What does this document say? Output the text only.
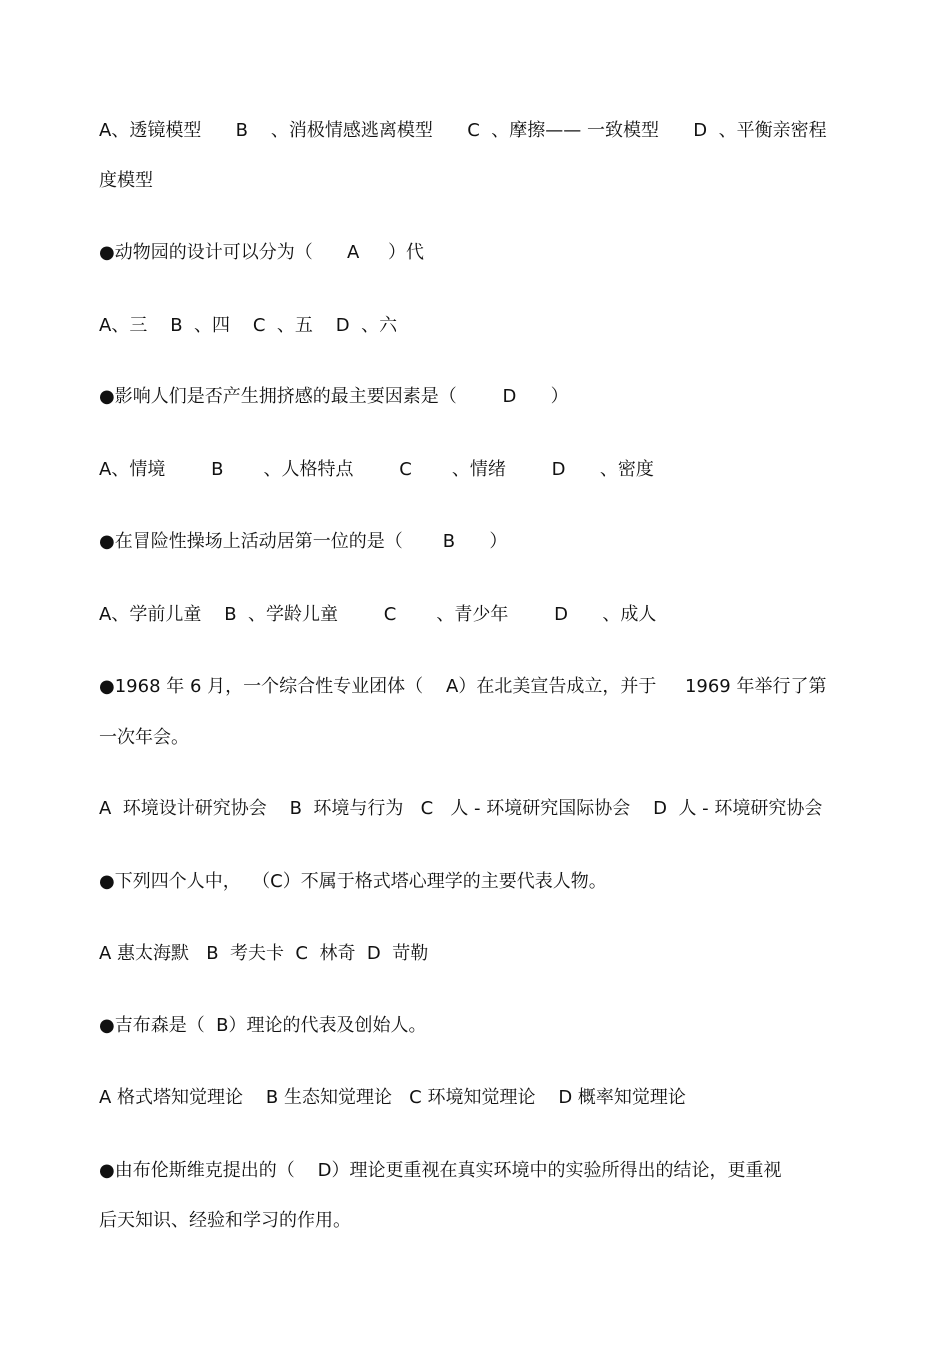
A、透镜模型      B    、消极情感逃离模型      C  、摩擦—— 一致模型      D  、平衡亲密程
度模型
●动物园的设计可以分为（      A     ）代
A、三    B  、四    C  、五    D  、六
●影响人们是否产生拥挤感的最主要因素是（        D      ）
A、情境        B       、人格特点        C       、情绪        D      、密度
●在冒险性操场上活动居第一位的是（       B      ）
A、学前儿童    B  、学龄儿童        C       、青少年        D      、成人
●1968 年 6 月，一个综合性专业团体（    A）在北美宣告成立，并于     1969 年举行了第
一次年会。
A  环境设计研究协会    B  环境与行为   C   人 - 环境研究国际协会    D  人 - 环境研究协会
●下列四个人中，  （C）不属于格式塔心理学的主要代表人物。
A 惠太海默   B  考夫卡  C  林奇  D  苛勒
●吉布森是（  B）理论的代表及创始人。
A 格式塔知觉理论    B 生态知觉理论   C 环境知觉理论    D 概率知觉理论
●由布伦斯维克提出的（    D）理论更重视在真实环境中的实验所得出的结论，更重视
后天知识、经验和学习的作用。
